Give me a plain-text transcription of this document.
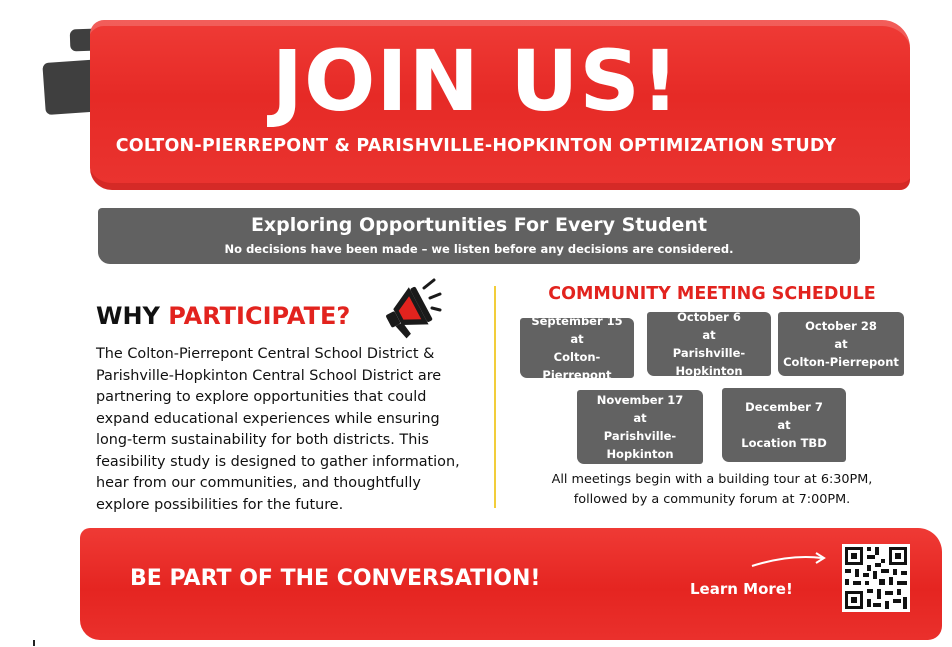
JOIN US!
COLTON-PIERREPONT & PARISHVILLE-HOPKINTON OPTIMIZATION STUDY
Exploring Opportunities For Every Student
No decisions have been made – we listen before any decisions are considered.
WHY PARTICIPATE?
The Colton-Pierrepont Central School District & Parishville-Hopkinton Central School District are partnering to explore opportunities that could expand educational experiences while ensuring long-term sustainability for both districts. This feasibility study is designed to gather information, hear from our communities, and thoughtfully explore possibilities for the future.
COMMUNITY MEETING SCHEDULE
September 15
at
Colton-Pierrepont
October 6
at
Parishville-Hopkinton
October 28
at
Colton-Pierrepont
November 17
at
Parishville-Hopkinton
December 7
at
Location TBD
All meetings begin with a building tour at 6:30PM,
followed by a community forum at 7:00PM.
BE PART OF THE CONVERSATION!	Learn More!
